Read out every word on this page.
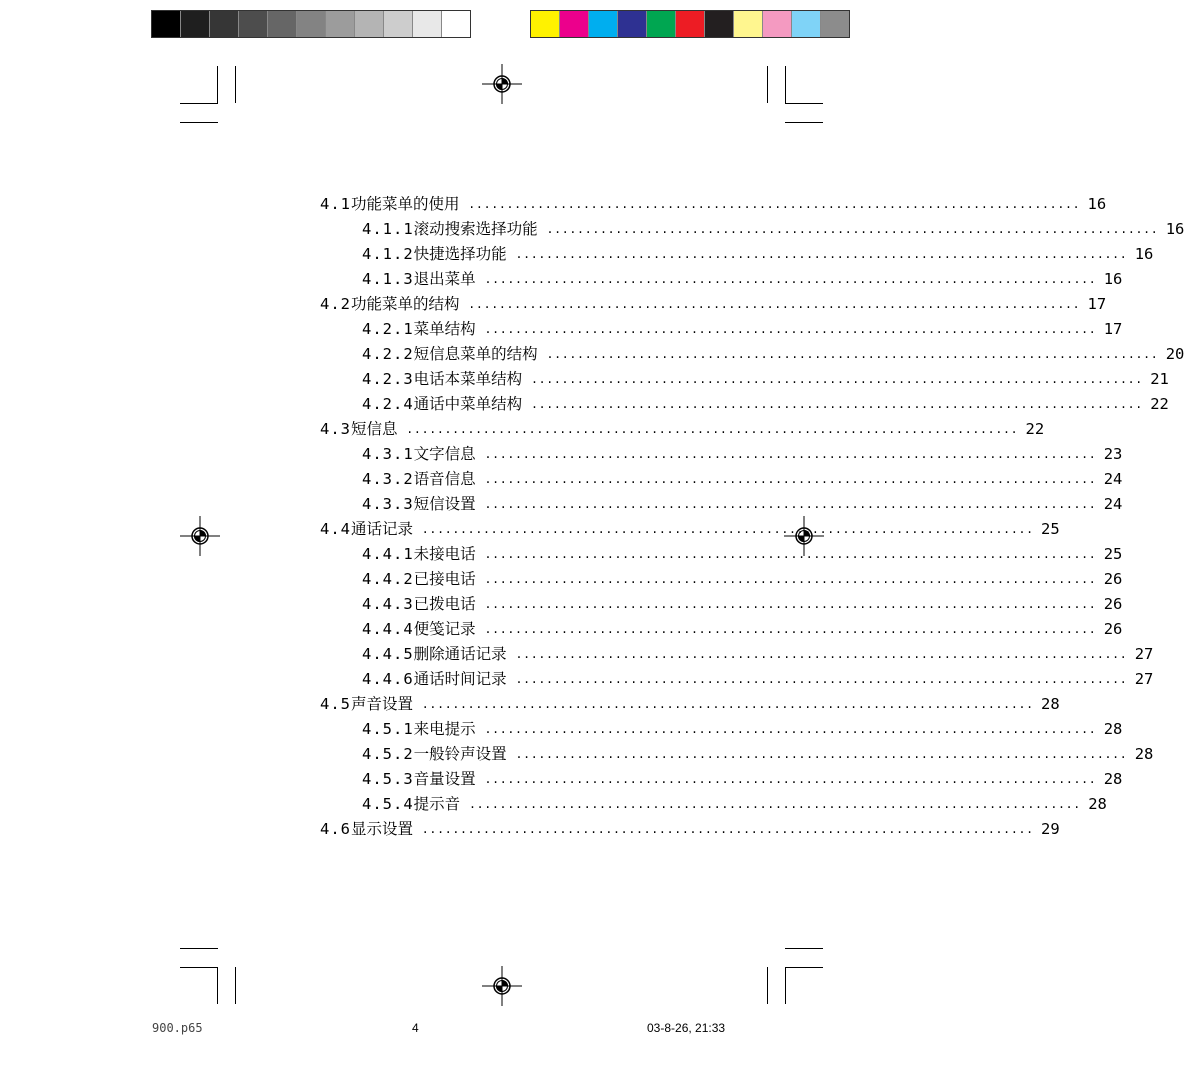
4.1 功能菜单的使用 ................................................................................ 16
4.1.1 滚动搜索选择功能 ................................................................................ 16
4.1.2 快捷选择功能 ................................................................................ 16
4.1.3 退出菜单 ................................................................................ 16
4.2 功能菜单的结构 ................................................................................ 17
4.2.1 菜单结构 ................................................................................ 17
4.2.2 短信息菜单的结构 ................................................................................ 20
4.2.3 电话本菜单结构 ................................................................................ 21
4.2.4 通话中菜单结构 ................................................................................ 22
4.3 短信息 ................................................................................ 22
4.3.1 文字信息 ................................................................................ 23
4.3.2 语音信息 ................................................................................ 24
4.3.3 短信设置 ................................................................................ 24
4.4 通话记录 ................................................................................ 25
4.4.1 未接电话 ................................................................................ 25
4.4.2 已接电话 ................................................................................ 26
4.4.3 已拨电话 ................................................................................ 26
4.4.4 便笺记录 ................................................................................ 26
4.4.5 删除通话记录 ................................................................................ 27
4.4.6 通话时间记录 ................................................................................ 27
4.5 声音设置 ................................................................................ 28
4.5.1 来电提示 ................................................................................ 28
4.5.2 一般铃声设置 ................................................................................ 28
4.5.3 音量设置 ................................................................................ 28
4.5.4 提示音 ................................................................................ 28
4.6 显示设置 ................................................................................ 29
900.p65	4	03-8-26, 21:33
